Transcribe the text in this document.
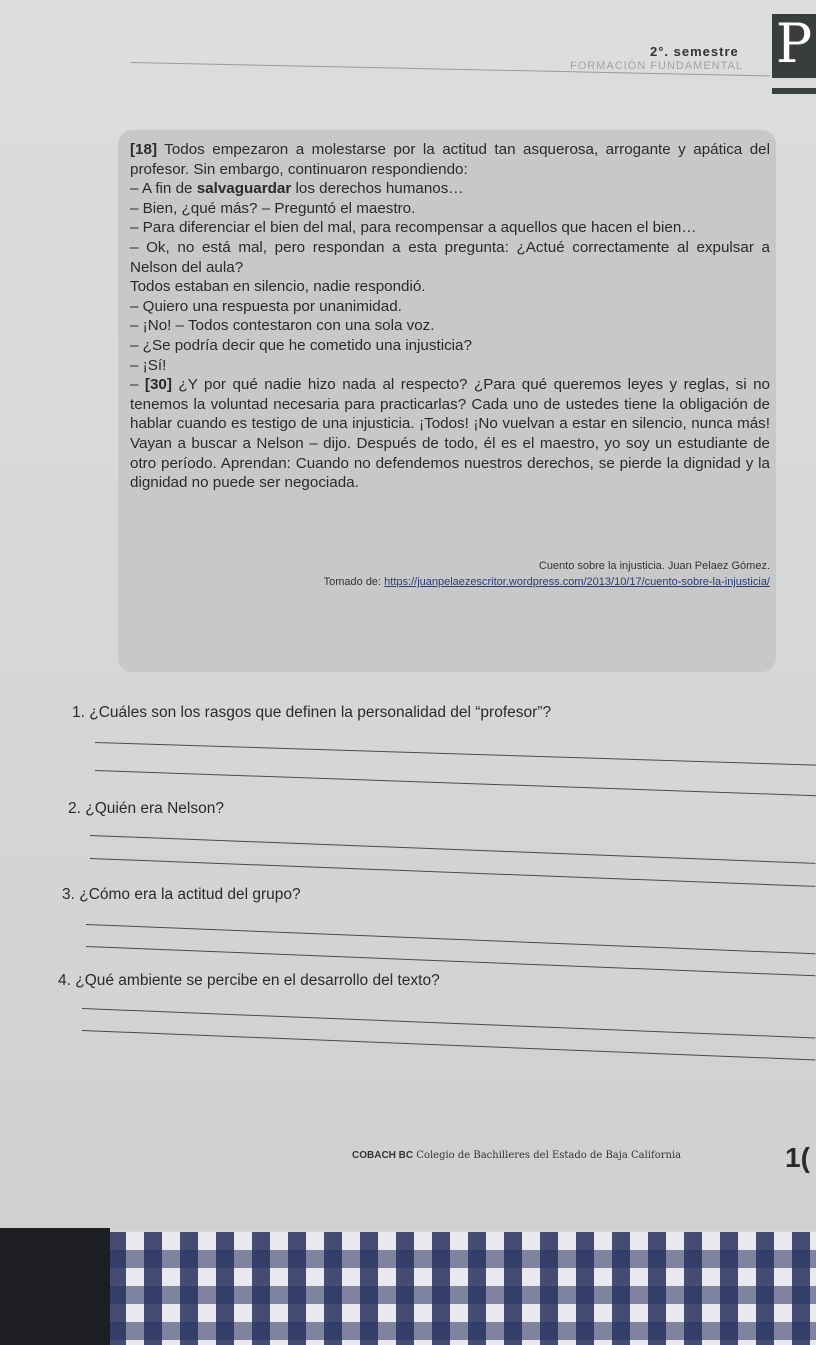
2°. semestre
FORMACIÓN FUNDAMENTAL P

[18] Todos empezaron a molestarse por la actitud tan asquerosa, arrogante y apática del profesor. Sin embargo, continuaron respondiendo:

– A fin de salvaguardar los derechos humanos…

– Bien, ¿qué más? – Preguntó el maestro.

– Para diferenciar el bien del mal, para recompensar a aquellos que hacen el bien…

– Ok, no está mal, pero respondan a esta pregunta: ¿Actué correctamente al expulsar a Nelson del aula?

Todos estaban en silencio, nadie respondió.

– Quiero una respuesta por unanimidad.

– ¡No! – Todos contestaron con una sola voz.

– ¿Se podría decir que he cometido una injusticia?

– ¡Sí!

– [30] ¿Y por qué nadie hizo nada al respecto? ¿Para qué queremos leyes y reglas, si no tenemos la voluntad necesaria para practicarlas? Cada uno de ustedes tiene la obligación de hablar cuando es testigo de una injusticia. ¡Todos! ¡No vuelvan a estar en silencio, nunca más! Vayan a buscar a Nelson – dijo. Después de todo, él es el maestro, yo soy un estudiante de otro período. Aprendan: Cuando no defendemos nuestros derechos, se pierde la dignidad y la dignidad no puede ser negociada.

Cuento sobre la injusticia. Juan Pelaez Gómez.
Tomado de: https://juanpelaezescritor.wordpress.com/2013/10/17/cuento-sobre-la-injusticia/
1. ¿Cuáles son los rasgos que definen la personalidad del “profesor”?
2. ¿Quién era Nelson?
3. ¿Cómo era la actitud del grupo?
4. ¿Qué ambiente se percibe en el desarrollo del texto?
COBACH BC Colegio de Bachilleres del Estado de Baja California	1(
